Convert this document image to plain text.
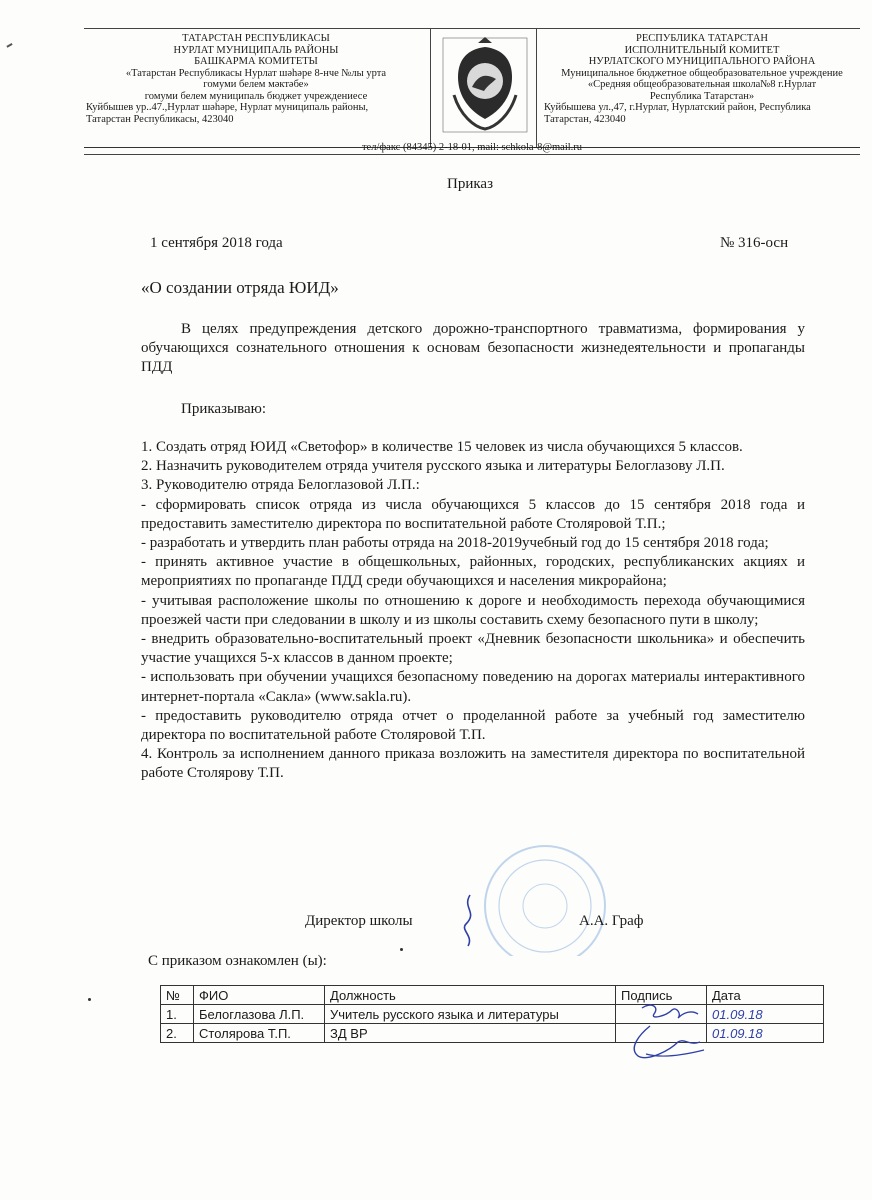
ТАТАРСТАН РЕСПУБЛИКАСЫ
НУРЛАТ МУНИЦИПАЛЬ РАЙОНЫ
БАШКАРМА КОМИТЕТЫ
«Татарстан Республикасы Нурлат шәһәре 8-нче №лы урта
гомуми белем мәктәбе»
гомуми белем муниципаль бюджет учреждениесе
Куйбышев ур..47.,Нурлат шәһәре, Нурлат муниципаль районы,
Татарстан Республикасы, 423040
РЕСПУБЛИКА ТАТАРСТАН
ИСПОЛНИТЕЛЬНЫЙ КОМИТЕТ
НУРЛАТСКОГО МУНИЦИПАЛЬНОГО РАЙОНА
Муниципальное бюджетное общеобразовательное учреждение
«Средняя общеобразовательная школа№8 г.Нурлат
Республика Татарстан»
Куйбышева ул.,47, г.Нурлат, Нурлатский район, Республика
Татарстан, 423040
тел/факс (84345) 2-18-01, mail: schkola-8@mail.ru
Приказ
1 сентября 2018 года	№ 316-осн
«О создании отряда ЮИД»
В целях предупреждения детского дорожно-транспортного травматизма, формирования у обучающихся сознательного отношения к основам безопасности жизнедеятельности и пропаганды ПДД
Приказываю:

1. Создать отряд ЮИД «Светофор» в количестве 15 человек из числа обучающихся 5 классов.

2. Назначить руководителем отряда учителя русского языка и литературы Белоглазову Л.П.

3. Руководителю отряда Белоглазовой Л.П.:

- сформировать список отряда из числа обучающихся 5 классов до 15 сентября 2018 года и предоставить заместителю директора по воспитательной работе Столяровой Т.П.;

- разработать и утвердить план работы отряда на 2018-2019учебный год до 15 сентября 2018 года;

- принять активное участие в общешкольных, районных, городских, республиканских акциях и мероприятиях по пропаганде ПДД среди обучающихся и населения микрорайона;

- учитывая расположение школы по отношению к дороге и необходимость перехода обучающимися проезжей части при следовании в школу и из школы составить схему безопасного пути в школу;

- внедрить образовательно-воспитательный проект «Дневник безопасности школьника» и обеспечить участие учащихся 5-х классов в данном проекте;

- использовать при обучении учащихся безопасному поведению на дорогах материалы интерактивного интернет-портала «Сакла» (www.sakla.ru).

- предоставить руководителю отряда отчет о проделанной работе за учебный год заместителю директора по воспитательной работе Столяровой Т.П.

4. Контроль за исполнением данного приказа возложить на заместителя директора по воспитательной работе Столярову Т.П.

Директор школы	А.А. Граф
С приказом ознакомлен (ы):
№	ФИО	Должность	Подпись	Дата
1.	Белоглазова Л.П.	Учитель русского языка и литературы		01.09.18
2.	Столярова Т.П.	ЗД ВР		01.09.18
